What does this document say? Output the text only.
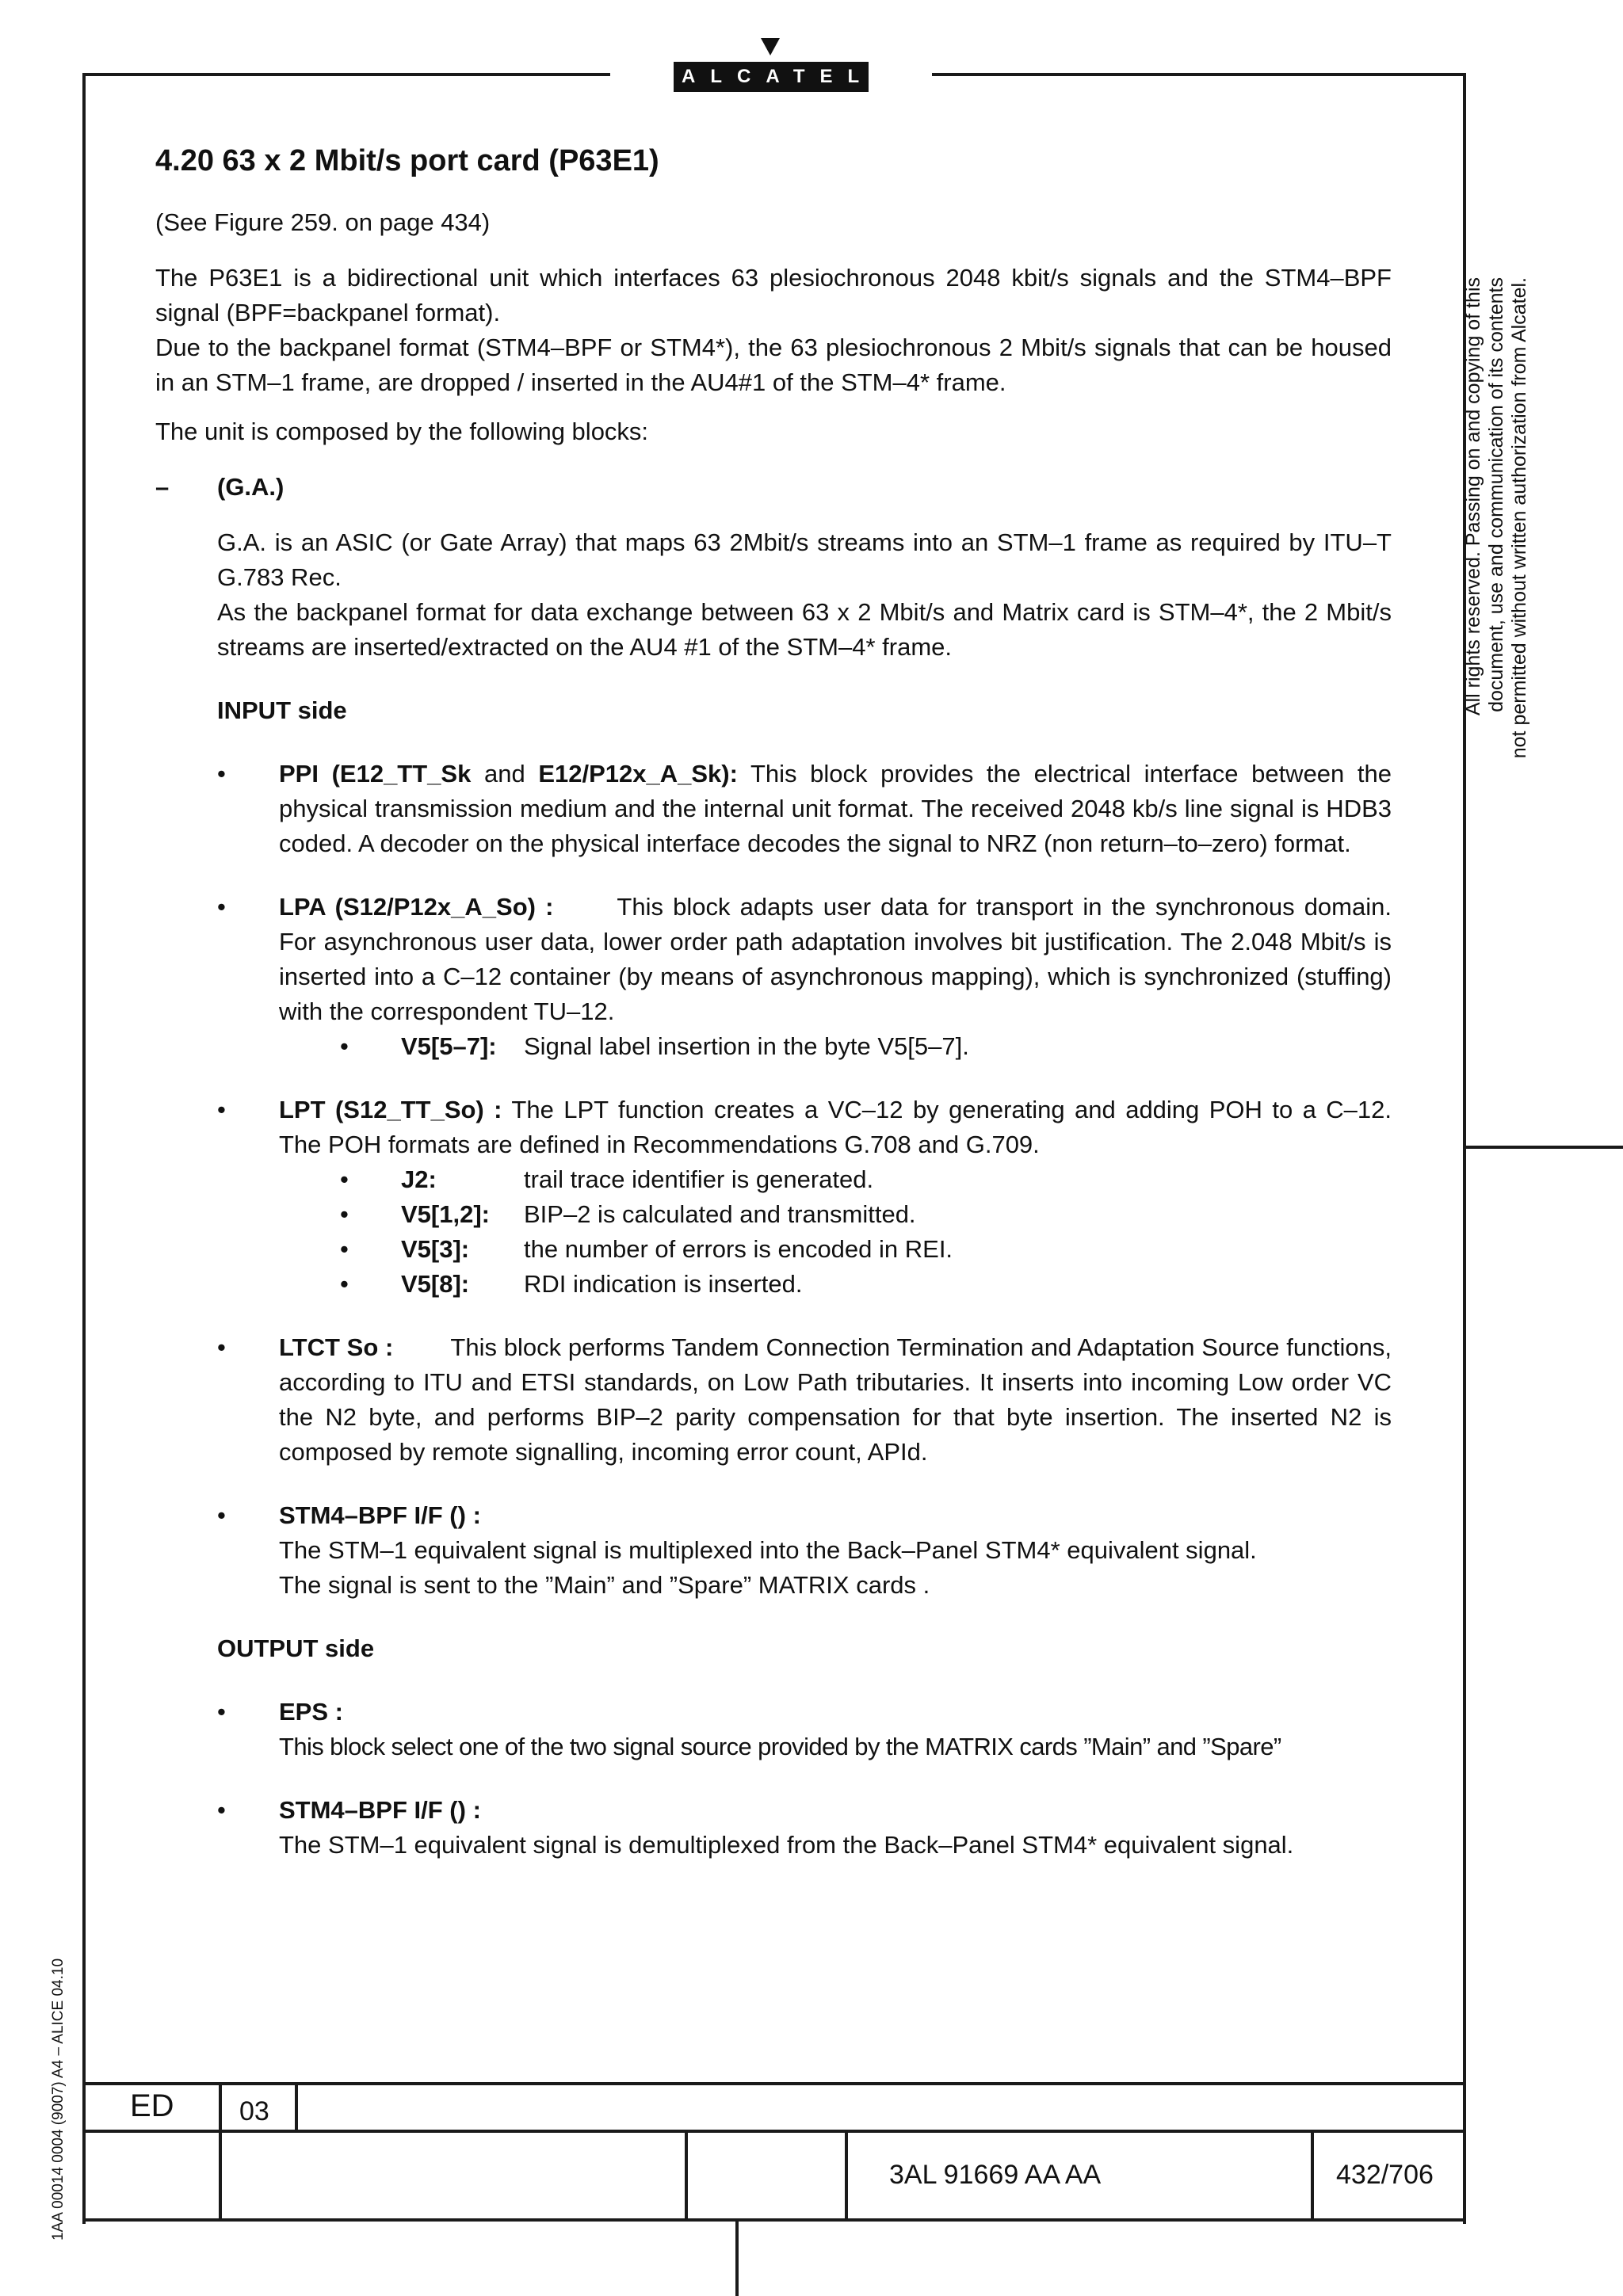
ALCATEL
4.20 63 x 2 Mbit/s port card (P63E1)

(See Figure 259. on page 434)

The P63E1 is a bidirectional unit which interfaces 63 plesiochronous 2048 kbit/s signals and the STM4–BPF signal (BPF=backpanel format).

Due to the backpanel format (STM4–BPF or STM4*), the 63 plesiochronous 2 Mbit/s signals that can be housed in an STM–1 frame, are dropped / inserted in the AU4#1 of the STM–4* frame.

The unit is composed by the following blocks:

– (G.A.)

G.A. is an ASIC (or Gate Array) that maps 63 2Mbit/s streams into an STM–1 frame as required by ITU–T G.783 Rec.

As the backpanel format for data exchange between 63 x 2 Mbit/s and Matrix card is STM–4*, the 2 Mbit/s streams are inserted/extracted on the AU4 #1 of the STM–4* frame.

INPUT side

• PPI (E12_TT_Sk and E12/P12x_A_Sk): This block provides the electrical interface between the physical transmission medium and the internal unit format. The received 2048 kb/s line signal is HDB3 coded. A decoder on the physical interface decodes the signal to NRZ (non return–to–zero) format.

• LPA (S12/P12x_A_So) :	This block adapts user data for transport in the synchronous domain. For asynchronous user data, lower order path adaptation involves bit justification. The 2.048 Mbit/s is inserted into a C–12 container (by means of asynchronous mapping), which is synchronized (stuffing) with the correspondent TU–12.

• V5[5–7]: Signal label insertion in the byte V5[5–7].
• LPT (S12_TT_So) : The LPT function creates a VC–12 by generating and adding POH to a C–12. The POH formats are defined in Recommendations G.708 and G.709.

• J2:	trail trace identifier is generated.
• V5[1,2]: BIP–2 is calculated and transmitted.
• V5[3]: the number of errors is encoded in REI.
• V5[8]: RDI indication is inserted.
• LTCT So : This block performs Tandem Connection Termination and Adaptation Source functions, according to ITU and ETSI standards, on Low Path tributaries. It inserts into incoming Low order VC the N2 byte, and performs BIP–2 parity compensation for that byte insertion. The inserted N2 is composed by remote signalling, incoming error count, APId.

• STM4–BPF I/F () :

The STM–1 equivalent signal is multiplexed into the Back–Panel STM4* equivalent signal.

The signal is sent to the ”Main” and ”Spare” MATRIX cards .

OUTPUT side

• EPS :

This block select one of the two signal source provided by the MATRIX cards ”Main” and ”Spare”

• STM4–BPF I/F () :

The STM–1 equivalent signal is demultiplexed from the Back–Panel STM4* equivalent signal.

All rights reserved. Passing on and copying of this document, use and communication of its contents not permitted without written authorization from Alcatel.
1AA 00014 0004 (9007) A4 – ALICE 04.10 ED 03
3AL 91669 AA AA	432/706
